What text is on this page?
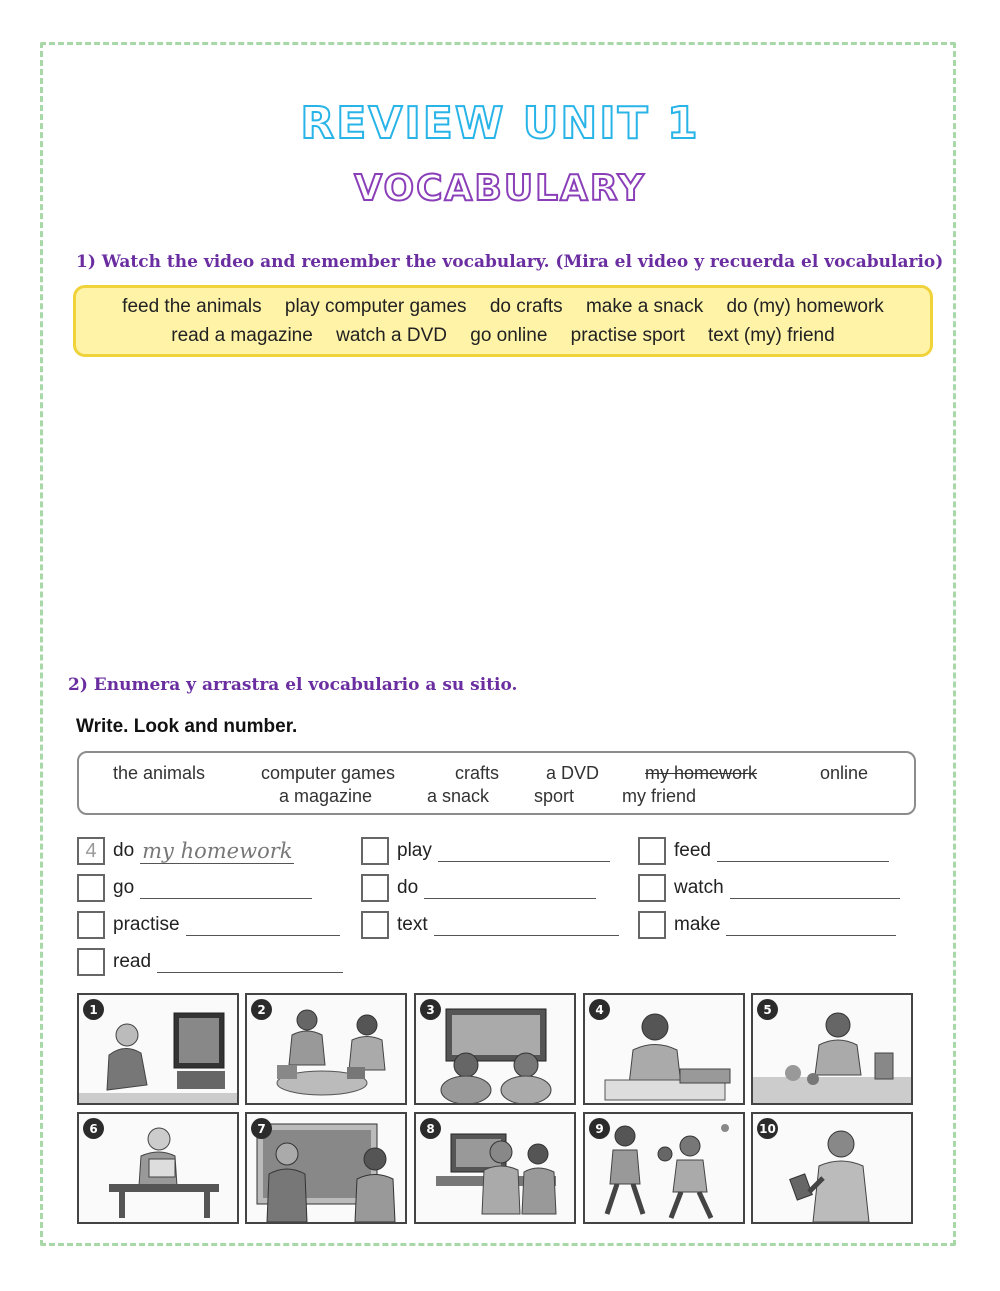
REVIEW UNIT 1
VOCABULARY
1) Watch the video and remember the vocabulary. (Mira el video y recuerda el vocabulario)
feed the animals play computer games do crafts make a snack do (my) homework
read a magazine watch a DVD go online practise sport text (my) friend
2) Enumera y arrastra el vocabulario a su sitio.
Write. Look and number.
the animals	computer games	crafts	a DVD	my homework	online
a magazine	a snack sport	my friend
4 do my homework	play	feed
go	do	watch
practise	text	make
read
1	2	3	4	5
6	7	8	9	10
